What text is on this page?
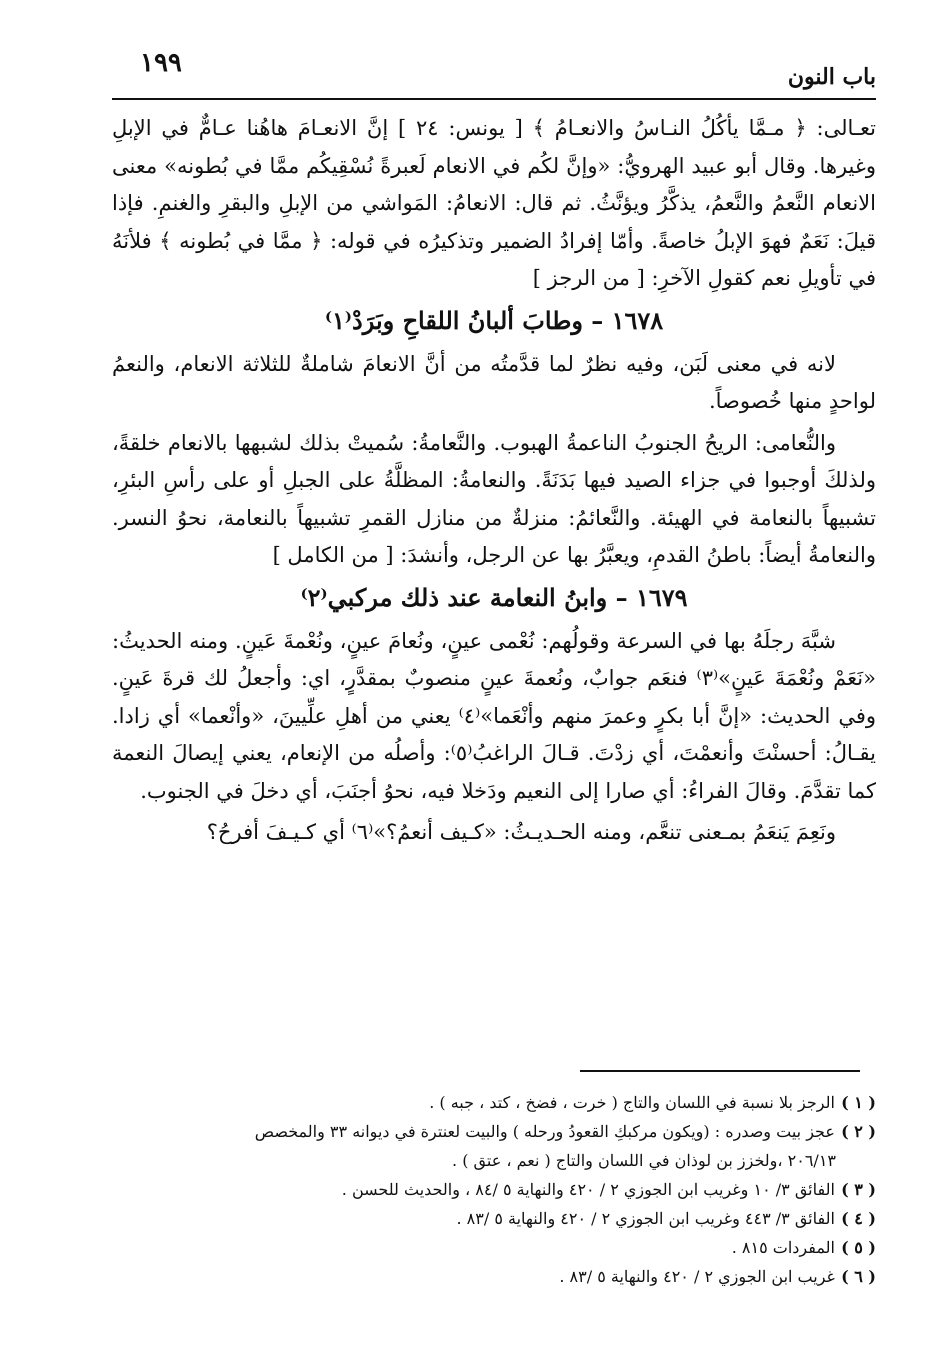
١٩٩	باب النون

تعـالى: ﴿ مـمَّا يأكُلُ النـاسُ والانعـامُ ﴾ [ يونس: ٢٤ ] إنَّ الانعـامَ هاهُنا عـامٌّ في الإبلِ وغيرها. وقال أبو عبيد الهرويُّ: «وإنَّ لكُم في الانعام لَعبرةً نُسْقِيكُم ممَّا في بُطونه» معنى الانعام النَّعمُ والنَّعمُ، يذكَّرُ ويؤنَّثُ. ثم قال: الانعامُ: المَواشي من الإبلِ والبقرِ والغنمِ. فإذا قيلَ: نَعَمٌ فهوَ الإبلُ خاصةً. وأمّا إفرادُ الضمير وتذكيرُه في قوله: ﴿ ممَّا في بُطونه ﴾ فلأنَهُ في تأويلِ نعم كقولِ الآخرِ: [ من الرجز ]

١٦٧٨ – وطابَ ألبانُ اللقاحِ وبَرَدْ⁽١⁾

لانه في معنى لَبَن، وفيه نظرٌ لما قدَّمتُه من أنَّ الانعامَ شاملةٌ للثلاثة الانعام، والنعمُ لواحدٍ منها خُصوصاً.

والنُّعامى: الريحُ الجنوبُ الناعمةُ الهبوب. والنَّعامةُ: سُميتْ بذلك لشبهها بالانعام خلقةً، ولذلكَ أوجبوا في جزاء الصيد فيها بَدَنَةً. والنعامةُ: المظلَّةُ على الجبلِ أو على رأسِ البئرِ، تشبيهاً بالنعامة في الهيئة. والنَّعائمُ: منزلةٌ من منازل القمرِ تشبيهاً بالنعامة، نحوُ النسر. والنعامةُ أيضاً: باطنُ القدمِ، ويعبَّرُ بها عن الرجل، وأنشدَ: [ من الكامل ]

١٦٧٩ – وابنُ النعامة عند ذلك مركبي⁽٢⁾

شبَّهَ رجلَهُ بها في السرعة وقولُهم: نُعْمى عينٍ، ونُعامَ عينٍ، ونُعْمةَ عَينٍ. ومنه الحديثُ: «نَعَمْ ونُعْمَةَ عَينٍ»⁽٣⁾ فنعَم جوابٌ، ونُعمةَ عينٍ منصوبٌ بمقدَّرٍ، اي: وأجعلُ لك قرةَ عَينٍ. وفي الحديث: «إنَّ أبا بكرٍ وعمرَ منهم وأنْعَما»⁽٤⁾ يعني من أهلِ علِّيينَ، «وأنْعما» أي زادا. يقـالُ: أحسنْتَ وأنعمْتَ، أي زدْتَ. قـالَ الراغبُ⁽٥⁾: وأصلُه من الإنعام، يعني إيصالَ النعمة كما تقدَّمَ. وقالَ الفراءُ: أي صارا إلى النعيم ودَخلا فيه، نحوُ أجنَبَ، أي دخلَ في الجنوب.

ونَعِمَ يَنعَمُ بمـعنى تنعَّم، ومنه الحـديـثُ: «كـيف أنعمُ؟»⁽٦⁾ أي كـيـفَ أفرحُ؟

( ١ ) الرجز بلا نسبة في اللسان والتاج ( خرت ، فضخ ، كتد ، جبه ) .

( ٢ ) عجز بيت وصدره : (ويكون مركبكِ القعودُ ورحله ) والبيت لعنترة في ديوانه ٣٣ والمخصص

٢٠٦/١٣ ،ولخزز بن لوذان في اللسان والتاج ( نعم ، عتق ) .

( ٣ ) الفائق ٣/ ١٠ وغريب ابن الجوزي ٢ / ٤٢٠ والنهاية ٥ /٨٤ ، والحديث للحسن .

( ٤ ) الفائق ٣/ ٤٤٣ وغريب ابن الجوزي ٢ / ٤٢٠ والنهاية ٥ /٨٣ .

( ٥ ) المفردات ٨١٥ .

( ٦ ) غريب ابن الجوزي ٢ / ٤٢٠ والنهاية ٥ /٨٣ .
